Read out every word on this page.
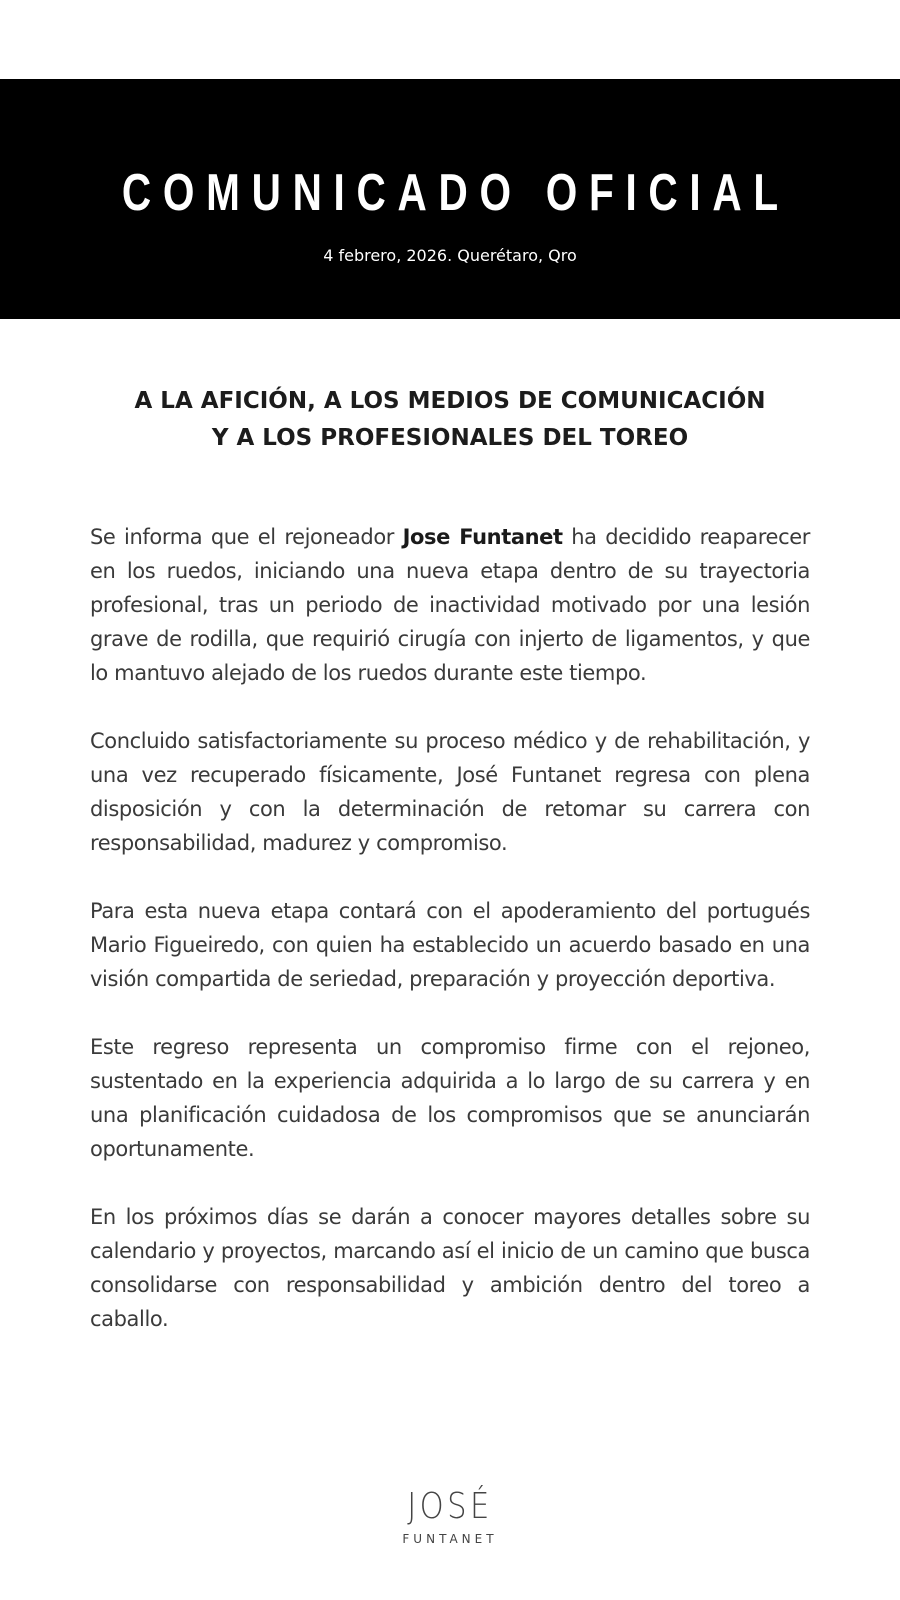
COMUNICADO OFICIAL
4 febrero, 2026. Querétaro, Qro
A LA AFICIÓN, A LOS MEDIOS DE COMUNICACIÓN
Y A LOS PROFESIONALES DEL TOREO

Se informa que el rejoneador Jose Funtanet ha decidido reaparecer en los ruedos, iniciando una nueva etapa dentro de su trayectoria profesional, tras un periodo de inactividad motivado por una lesión grave de rodilla, que requirió cirugía con injerto de ligamentos, y que lo mantuvo alejado de los ruedos durante este tiempo.

Concluido satisfactoriamente su proceso médico y de rehabilitación, y una vez recuperado físicamente, José Funtanet regresa con plena disposición y con la determinación de retomar su carrera con responsabilidad, madurez y compromiso.

Para esta nueva etapa contará con el apoderamiento del portugués Mario Figueiredo, con quien ha establecido un acuerdo basado en una visión compartida de seriedad, preparación y proyección deportiva.

Este regreso representa un compromiso firme con el rejoneo, sustentado en la experiencia adquirida a lo largo de su carrera y en una planificación cuidadosa de los compromisos que se anunciarán oportunamente.

En los próximos días se darán a conocer mayores detalles sobre su calendario y proyectos, marcando así el inicio de un camino que busca consolidarse con responsabilidad y ambición dentro del toreo a caballo.

JOSÉ
FUNTANET
